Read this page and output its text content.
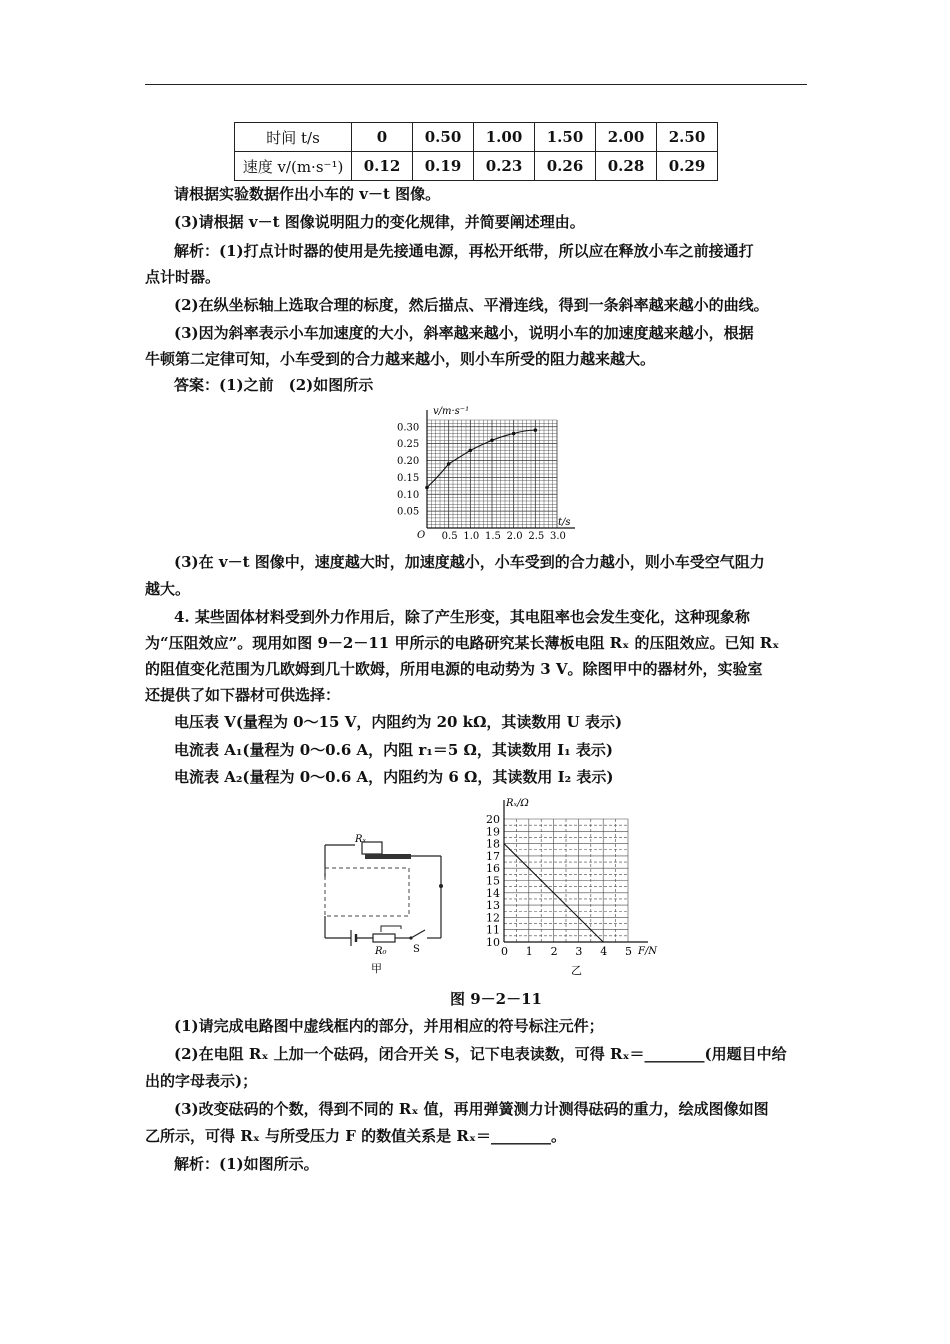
时间 t/s	0	0.50	1.00	1.50	2.00	2.50
速度 v/(m·s⁻¹)	0.12	0.19	0.23	0.26	0.28	0.29
请根据实验数据作出小车的 v－t 图像。
(3)请根据 v－t 图像说明阻力的变化规律，并简要阐述理由。
解析：(1)打点计时器的使用是先接通电源，再松开纸带，所以应在释放小车之前接通打
点计时器。
(2)在纵坐标轴上选取合理的标度，然后描点、平滑连线，得到一条斜率越来越小的曲线。
(3)因为斜率表示小车加速度的大小，斜率越来越小，说明小车的加速度越来越小，根据
牛顿第二定律可知，小车受到的合力越来越小，则小车所受的阻力越来越大。
答案：(1)之前　(2)如图所示
0.5 1.0 1.5 2.0 2.5 3.0
0.30
0.25
0.20
0.15
0.10
0.05
v/m·s⁻¹
t/s
O
(3)在 v－t 图像中，速度越大时，加速度越小，小车受到的合力越小，则小车受空气阻力
越大。
4. 某些固体材料受到外力作用后，除了产生形变，其电阻率也会发生变化，这种现象称
为“压阻效应”。现用如图 9－2－11 甲所示的电路研究某长薄板电阻 Rₓ 的压阻效应。已知 Rₓ
的阻值变化范围为几欧姆到几十欧姆，所用电源的电动势为 3 V。除图甲中的器材外，实验室
还提供了如下器材可供选择：
电压表 V(量程为 0～15 V，内阻约为 20 kΩ，其读数用 U 表示)
电流表 A₁(量程为 0～0.6 A，内阻 r₁＝5 Ω，其读数用 I₁ 表示)
电流表 A₂(量程为 0～0.6 A，内阻约为 6 Ω，其读数用 I₂ 表示)
Rₓ
R₀	S
甲
0 1 2 3 4 5
20
19
18
17
16
15
14
13
12
11
10
Rₓ/Ω
F/N
乙
图 9－2－11
(1)请完成电路图中虚线框内的部分，并用相应的符号标注元件；
(2)在电阻 Rₓ 上加一个砝码，闭合开关 S，记下电表读数，可得 Rₓ＝________(用题目中给
出的字母表示)；
(3)改变砝码的个数，得到不同的 Rₓ 值，再用弹簧测力计测得砝码的重力，绘成图像如图
乙所示，可得 Rₓ 与所受压力 F 的数值关系是 Rₓ＝________。
解析：(1)如图所示。
